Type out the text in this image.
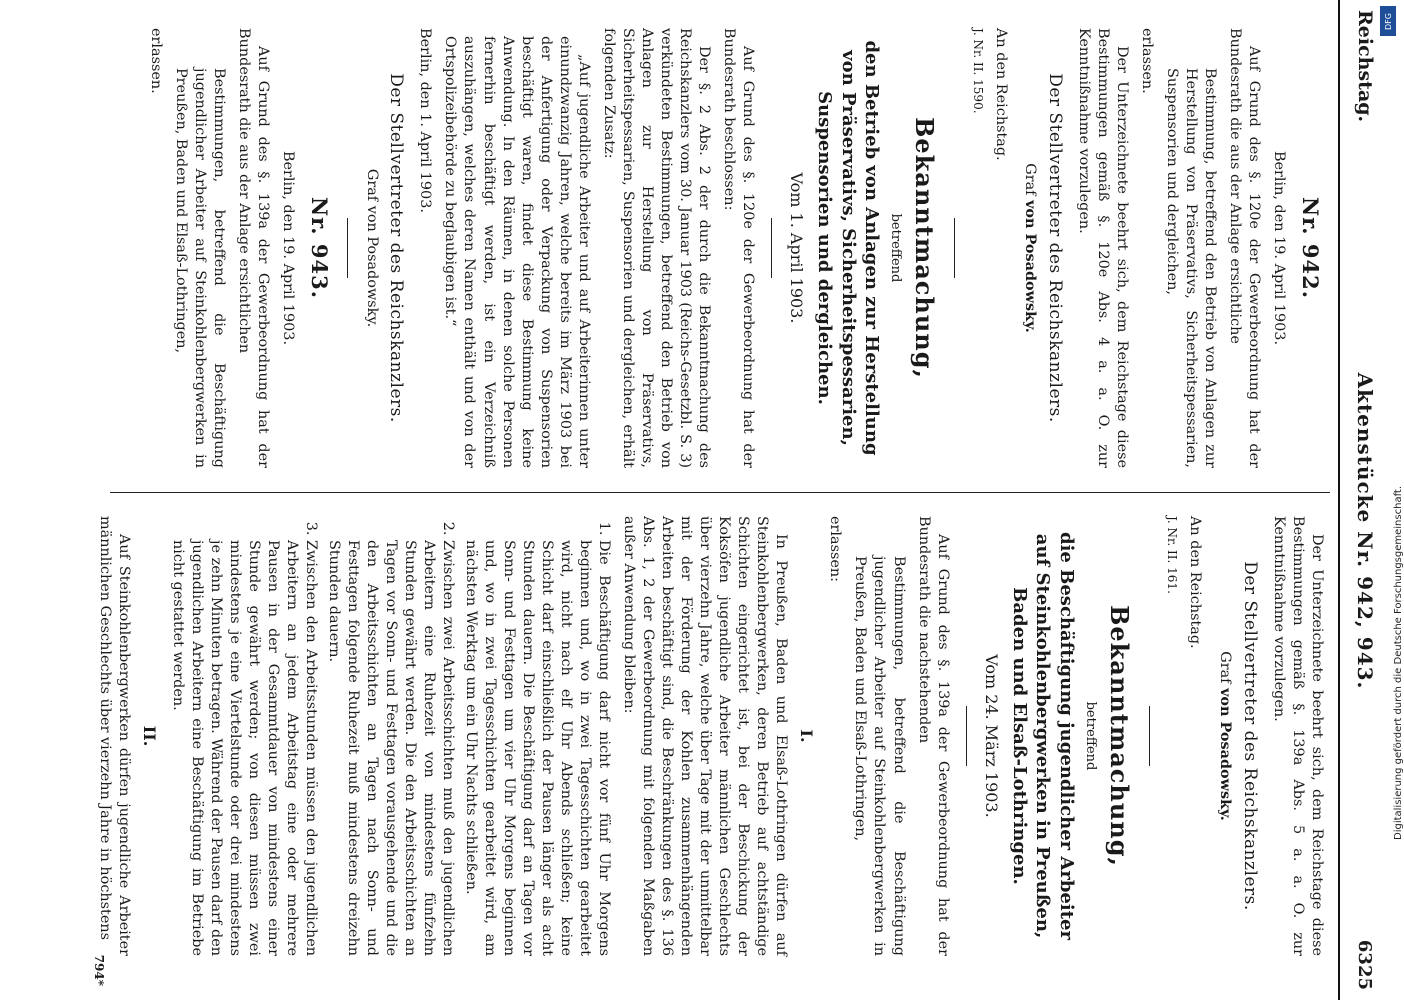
Reichstag.
Aktenstücke Nr. 942, 943.
6325
Nr. 942.
Berlin, den 19. April 1903.

Auf Grund des §. 120e der Gewerbeordnung hat der Bundesrath die aus der Anlage ersichtliche

Bestimmung, betreffend den Betrieb von Anlagen zur Herstellung von Präservativs, Sicherheitspessarien, Suspensorien und dergleichen,

erlassen.

Der Unterzeichnete beehrt sich, dem Reichstage diese Bestimmungen gemäß §. 120e Abs. 4 a. a. O. zur Kenntnißnahme vorzulegen.

Der Stellvertreter des Reichskanzlers.
Graf von Posadowsky.

An den Reichstag.

J. Nr. II. 1590.

Bekanntmachung,
betreffend
den Betrieb von Anlagen zur Herstellung von Präservativs, Sicherheitspessarien, Suspensorien und dergleichen.
Vom 1. April 1903.

Auf Grund des §. 120e der Gewerbeordnung hat der Bundesrath beschlossen:

Der §. 2 Abs. 2 der durch die Bekanntmachung des Reichskanzlers vom 30. Januar 1903 (Reichs-Gesetzbl. S. 3) verkündeten Bestimmungen, betreffend den Betrieb von Anlagen zur Herstellung von Präservativs, Sicherheitspessarien, Suspensorien und dergleichen, erhält folgenden Zusatz:

„Auf jugendliche Arbeiter und auf Arbeiterinnen unter einundzwanzig Jahren, welche bereits im März 1903 bei der Anfertigung oder Verpackung von Suspensorien beschäftigt waren, findet diese Bestimmung keine Anwendung. In den Räumen, in denen solche Personen fernerhin beschäftigt werden, ist ein Verzeichniß auszuhängen, welches deren Namen enthält und von der Ortspolizeibehörde zu beglaubigen ist.“

Berlin, den 1. April 1903.

Der Stellvertreter des Reichskanzlers.
Graf von Posadowsky.
Nr. 943.
Berlin, den 19. April 1903.

Auf Grund des §. 139a der Gewerbeordnung hat der Bundesrath die aus der Anlage ersichtlichen

Bestimmungen, betreffend die Beschäftigung jugendlicher Arbeiter auf Steinkohlenbergwerken in Preußen, Baden und Elsaß-Lothringen,

erlassen.

Der Unterzeichnete beehrt sich, dem Reichstage diese Bestimmungen gemäß §. 139a Abs. 5 a. a. O. zur Kenntnißnahme vorzulegen.

Der Stellvertreter des Reichskanzlers.
Graf von Posadowsky.

An den Reichstag.

J. Nr. II. 161.

Bekanntmachung,
betreffend
die Beschäftigung jugendlicher Arbeiter auf Steinkohlenbergwerken in Preußen, Baden und Elsaß-Lothringen.
Vom 24. März 1903.

Auf Grund des §. 139a der Gewerbeordnung hat der Bundesrath die nachstehenden

Bestimmungen, betreffend die Beschäftigung jugendlicher Arbeiter auf Steinkohlenbergwerken in Preußen, Baden und Elsaß-Lothringen,

erlassen:

I.

In Preußen, Baden und Elsaß-Lothringen dürfen auf Steinkohlenbergwerken, deren Betrieb auf achtständige Schichten eingerichtet ist, bei der Beschickung der Koksöfen jugendliche Arbeiter männlichen Geschlechts über vierzehn Jahre, welche über Tage mit der unmittelbar mit der Förderung der Kohlen zusammenhängenden Arbeiten beschäftigt sind, die Beschränkungen des §. 136 Abs. 1, 2 der Gewerbeordnung mit folgenden Maßgaben außer Anwendung bleiben:

1. Die Beschäftigung darf nicht vor fünf Uhr Morgens beginnen und, wo in zwei Tagesschichten gearbeitet wird, nicht nach elf Uhr Abends schließen; keine Schicht darf einschließlich der Pausen länger als acht Stunden dauern. Die Beschäftigung darf an Tagen vor Sonn- und Festtagen um vier Uhr Morgens beginnen und, wo in zwei Tagesschichten gearbeitet wird, am nächsten Werktag um ein Uhr Nachts schließen.
2. Zwischen zwei Arbeitsschichten muß den jugendlichen Arbeitern eine Ruhezeit von mindestens fünfzehn Stunden gewährt werden. Die den Arbeitsschichten an Tagen vor Sonn- und Festtagen vorausgehende und die den Arbeitsschichten an Tagen nach Sonn- und Festtagen folgende Ruhezeit muß mindestens dreizehn Stunden dauern.
3. Zwischen den Arbeitsstunden müssen den jugendlichen Arbeitern an jedem Arbeitstag eine oder mehrere Pausen in der Gesammtdauer von mindestens einer Stunde gewährt werden; von diesen müssen zwei mindestens je eine Viertelstunde oder drei mindestens je zehn Minuten betragen. Während der Pausen darf den jugendlichen Arbeitern eine Beschäftigung im Betriebe nicht gestattet werden.
II.

Auf Steinkohlenbergwerken dürfen jugendliche Arbeiter männlichen Geschlechts über vierzehn Jahre in höchstens

794*
DFG
Digitalisierung gefördert durch die Deutsche Forschungsgemeinschaft.
